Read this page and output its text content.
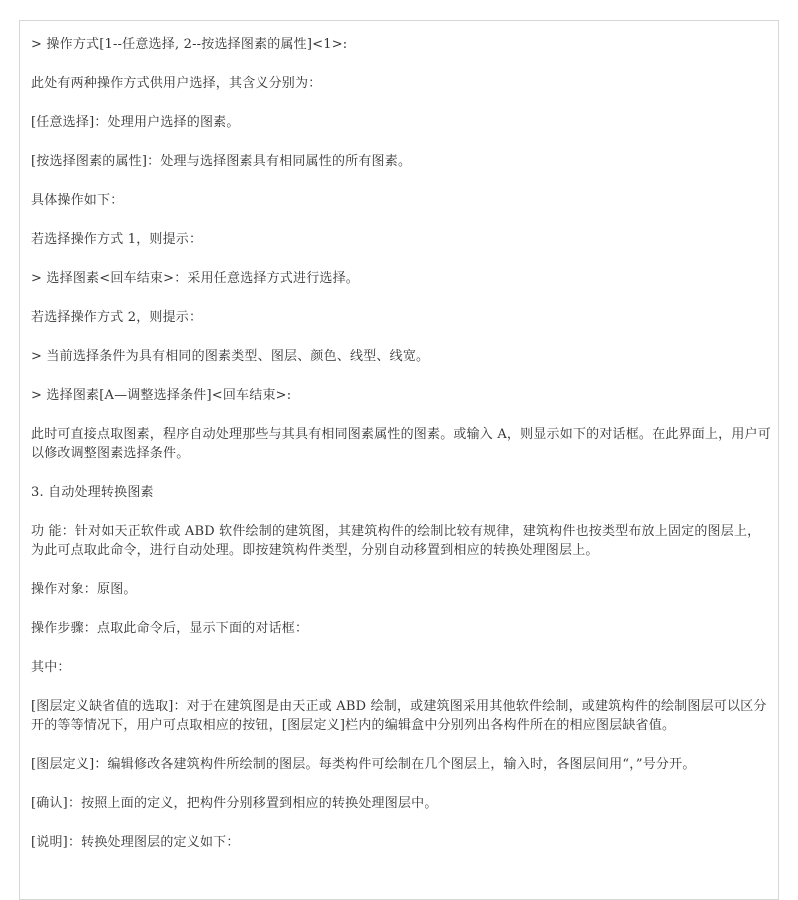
> 操作方式[1--任意选择, 2--按选择图素的属性]<1>:

此处有两种操作方式供用户选择，其含义分别为：

[任意选择]：处理用户选择的图素。

[按选择图素的属性]：处理与选择图素具有相同属性的所有图素。

具体操作如下：

若选择操作方式 1，则提示：

> 选择图素<回车结束>：采用任意选择方式进行选择。

若选择操作方式 2，则提示：

> 当前选择条件为具有相同的图素类型、图层、颜色、线型、线宽。

> 选择图素[A—调整选择条件]<回车结束>:

此时可直接点取图素，程序自动处理那些与其具有相同图素属性的图素。或输入 A，则显示如下的对话框。在此界面上，用户可以修改调整图素选择条件。

3. 自动处理转换图素

功 能：针对如天正软件或 ABD 软件绘制的建筑图，其建筑构件的绘制比较有规律，建筑构件也按类型布放上固定的图层上，为此可点取此命令，进行自动处理。即按建筑构件类型，分别自动移置到相应的转换处理图层上。

操作对象：原图。

操作步骤：点取此命令后，显示下面的对话框：

其中：

[图层定义缺省值的选取]：对于在建筑图是由天正或 ABD 绘制，或建筑图采用其他软件绘制，或建筑构件的绘制图层可以区分开的等等情况下，用户可点取相应的按钮，[图层定义]栏内的编辑盒中分别列出各构件所在的相应图层缺省值。

[图层定义]：编辑修改各建筑构件所绘制的图层。每类构件可绘制在几个图层上，输入时，各图层间用“，”号分开。

[确认]：按照上面的定义，把构件分别移置到相应的转换处理图层中。

[说明]：转换处理图层的定义如下：
